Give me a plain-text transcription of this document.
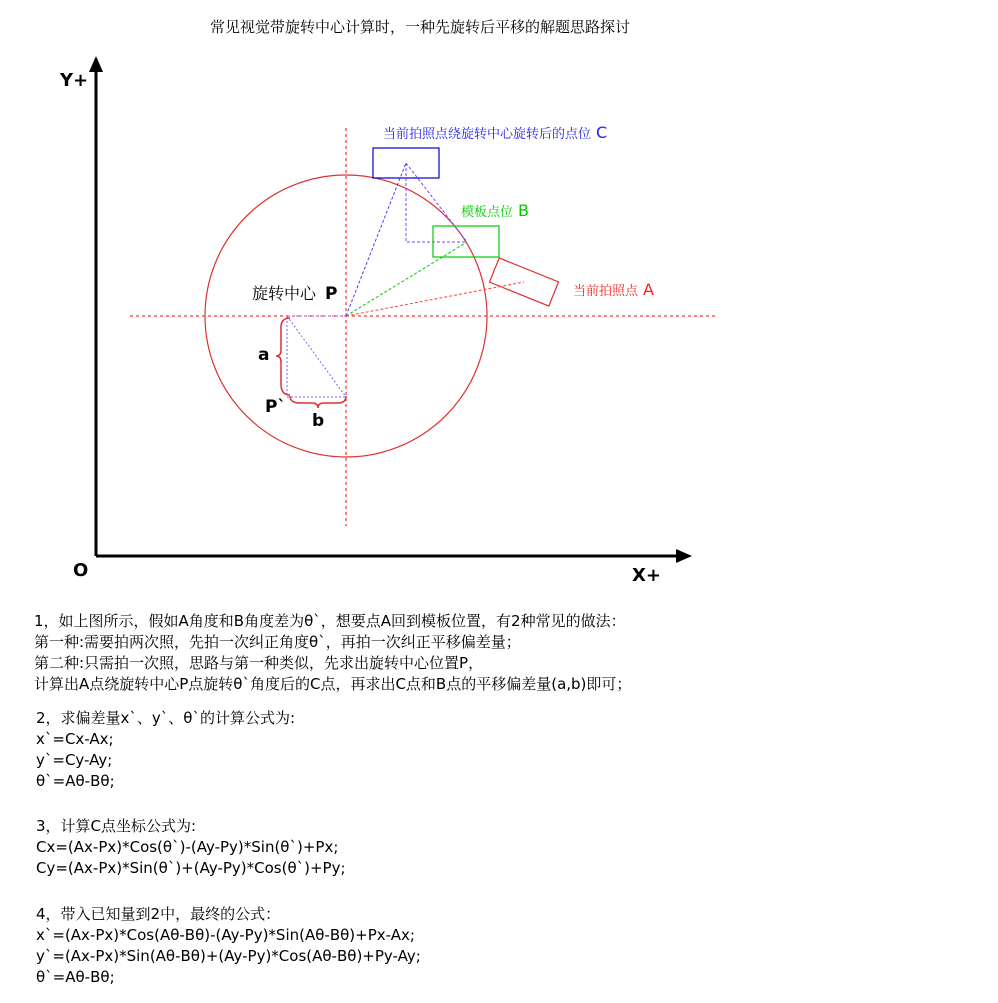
常见视觉带旋转中心计算时，一种先旋转后平移的解题思路探讨
Y+
X+
O
旋转中心 P
a
b
P`
当前拍照点绕旋转中心旋转后的点位 C
模板点位 B
当前拍照点 A
1，如上图所示，假如A角度和B角度差为θ`，想要点A回到模板位置，有2种常见的做法：
第一种:需要拍两次照，先拍一次纠正角度θ`，再拍一次纠正平移偏差量；
第二种:只需拍一次照，思路与第一种类似，先求出旋转中心位置P，
计算出A点绕旋转中心P点旋转θ`角度后的C点，再求出C点和B点的平移偏差量(a,b)即可；
2，求偏差量x`、y`、θ`的计算公式为:
x`=Cx-Ax;
y`=Cy-Ay;
θ`=Aθ-Bθ;
3，计算C点坐标公式为:
Cx=(Ax-Px)*Cos(θ`)-(Ay-Py)*Sin(θ`)+Px;
Cy=(Ax-Px)*Sin(θ`)+(Ay-Py)*Cos(θ`)+Py;
4，带入已知量到2中，最终的公式：
x`=(Ax-Px)*Cos(Aθ-Bθ)-(Ay-Py)*Sin(Aθ-Bθ)+Px-Ax;
y`=(Ax-Px)*Sin(Aθ-Bθ)+(Ay-Py)*Cos(Aθ-Bθ)+Py-Ay;
θ`=Aθ-Bθ;
